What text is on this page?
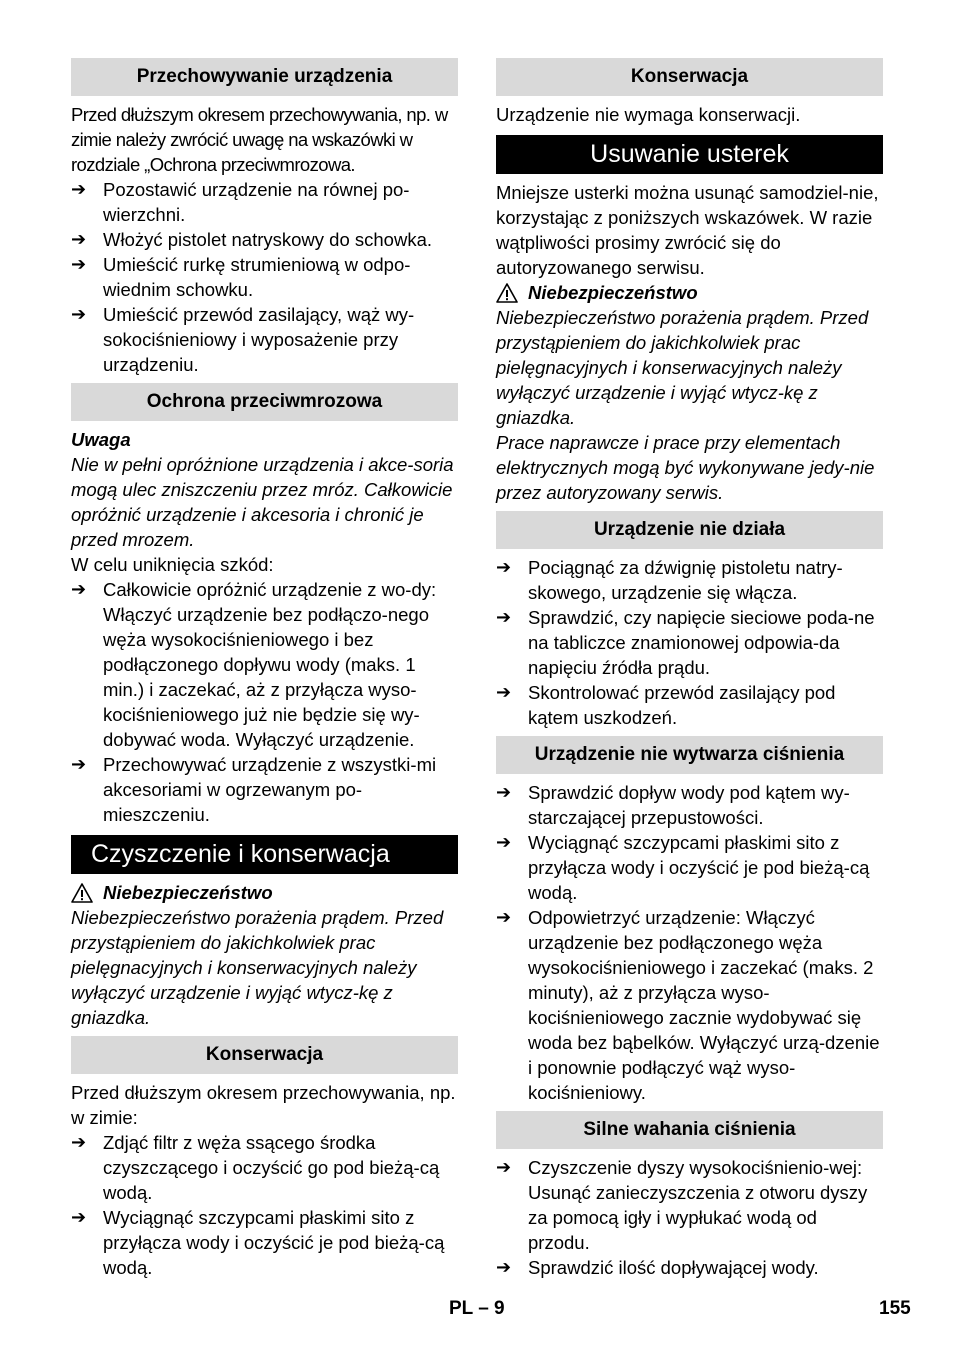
Przechowywanie urządzenia

Przed dłuższym okresem przechowywania, np. w zimie należy zwrócić uwagę na wskazówki w rozdziale „Ochrona przeciwmrozowa.

➔ Pozostawić urządzenie na równej po-wierzchni.
➔ Włożyć pistolet natryskowy do schowka.
➔ Umieścić rurkę strumieniową w odpo-wiednim schowku.
➔ Umieścić przewód zasilający, wąż wy-sokociśnieniowy i wyposażenie przy urządzeniu.
Ochrona przeciwmrozowa

Uwaga

Nie w pełni opróżnione urządzenia i akce-soria mogą ulec zniszczeniu przez mróz. Całkowicie opróżnić urządzenie i akcesoria i chronić je przed mrozem.

W celu uniknięcia szkód:

➔ Całkowicie opróżnić urządzenie z wo-dy: Włączyć urządzenie bez podłączo-nego węża wysokociśnieniowego i bez podłączonego dopływu wody (maks. 1 min.) i zaczekać, aż z przyłącza wyso-kociśnieniowego już nie będzie się wy-dobywać woda. Wyłączyć urządzenie.
➔ Przechowywać urządzenie z wszystki-mi akcesoriami w ogrzewanym po-mieszczeniu.
Czyszczenie i konserwacja
Niebezpieczeństwo

Niebezpieczeństwo porażenia prądem. Przed przystąpieniem do jakichkolwiek prac pielęgnacyjnych i konserwacyjnych należy wyłączyć urządzenie i wyjąć wtycz-kę z gniazdka.

Konserwacja

Przed dłuższym okresem przechowywania, np. w zimie:

➔ Zdjąć filtr z węża ssącego środka czyszczącego i oczyścić go pod bieżą-cą wodą.
➔ Wyciągnąć szczypcami płaskimi sito z przyłącza wody i oczyścić je pod bieżą-cą wodą.
Konserwacja

Urządzenie nie wymaga konserwacji.

Usuwanie usterek

Mniejsze usterki można usunąć samodziel-nie, korzystając z poniższych wskazówek. W razie wątpliwości prosimy zwrócić się do autoryzowanego serwisu.

Niebezpieczeństwo

Niebezpieczeństwo porażenia prądem. Przed przystąpieniem do jakichkolwiek prac pielęgnacyjnych i konserwacyjnych należy wyłączyć urządzenie i wyjąć wtycz-kę z gniazdka.

Prace naprawcze i prace przy elementach elektrycznych mogą być wykonywane jedy-nie przez autoryzowany serwis.

Urządzenie nie działa
➔ Pociągnąć za dźwignię pistoletu natry-skowego, urządzenie się włącza.
➔ Sprawdzić, czy napięcie sieciowe poda-ne na tabliczce znamionowej odpowia-da napięciu źródła prądu.
➔ Skontrolować przewód zasilający pod kątem uszkodzeń.
Urządzenie nie wytwarza ciśnienia
➔ Sprawdzić dopływ wody pod kątem wy-starczającej przepustowości.
➔ Wyciągnąć szczypcami płaskimi sito z przyłącza wody i oczyścić je pod bieżą-cą wodą.
➔ Odpowietrzyć urządzenie: Włączyć urządzenie bez podłączonego węża wysokociśnieniowego i zaczekać (maks. 2 minuty), aż z przyłącza wyso-kociśnieniowego zacznie wydobywać się woda bez bąbelków. Wyłączyć urzą-dzenie i ponownie podłączyć wąż wyso-kociśnieniowy.
Silne wahania ciśnienia
➔ Czyszczenie dyszy wysokociśnienio-wej: Usunąć zanieczyszczenia z otworu dyszy za pomocą igły i wypłukać wodą od przodu.
➔ Sprawdzić ilość dopływającej wody.
PL – 9	155
